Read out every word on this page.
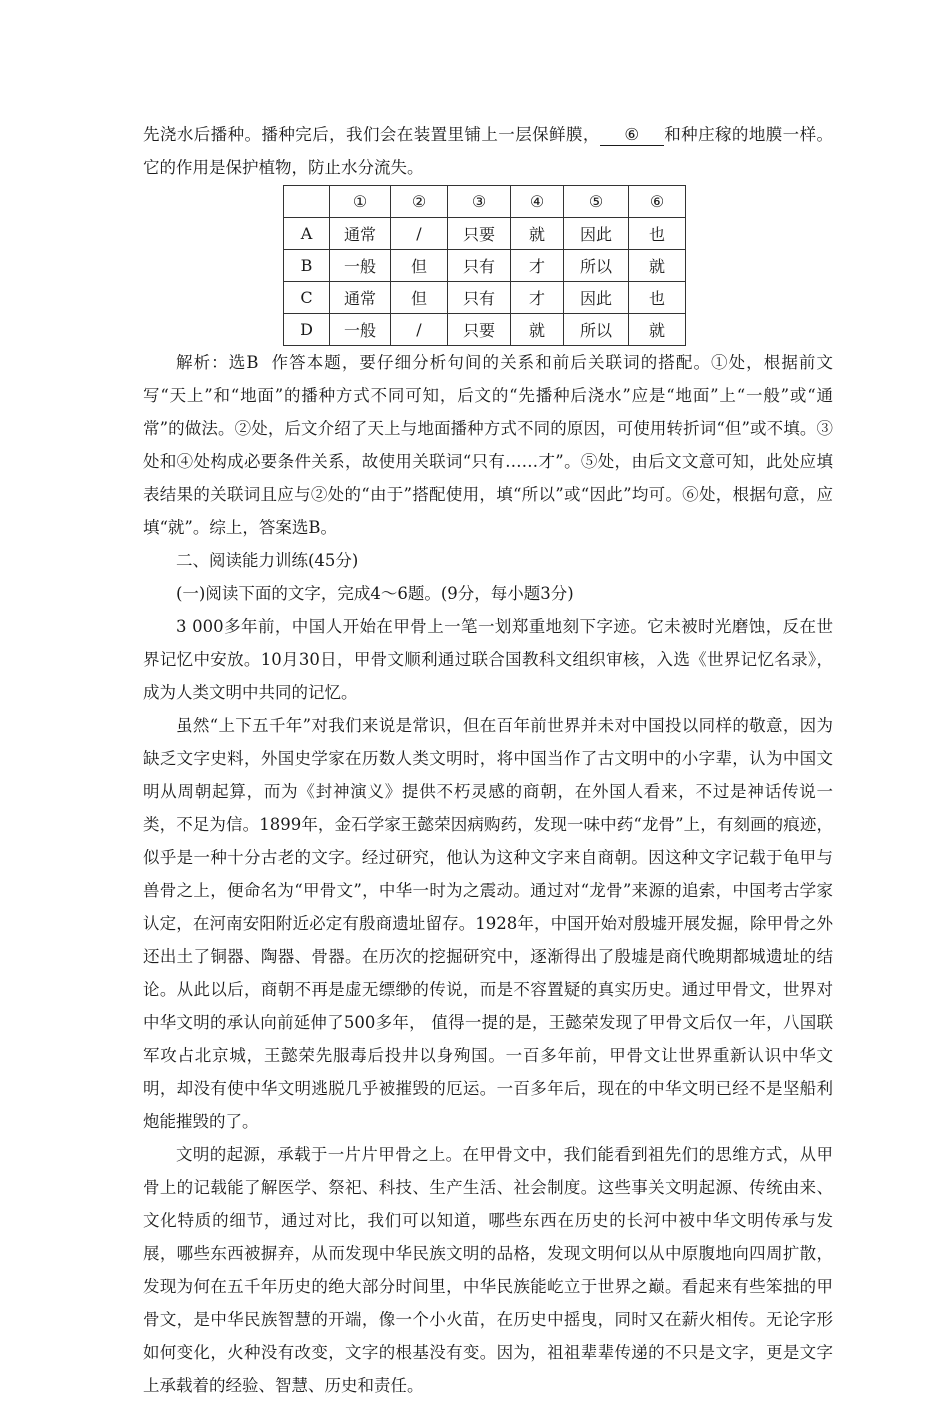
先浇水后播种。播种完后，我们会在装置里铺上一层保鲜膜， ⑥ 和种庄稼的地膜一样。它的作用是保护植物，防止水分流失。

	①	②	③	④	⑤	⑥
A	通常	/	只要	就	因此	也
B	一般	但	只有	才	所以	就
C	通常	但	只有	才	因此	也
D	一般	/	只要	就	所以	就

解析：选B 作答本题，要仔细分析句间的关系和前后关联词的搭配。①处，根据前文写“天上”和“地面”的播种方式不同可知，后文的“先播种后浇水”应是“地面”上“一般”或“通常”的做法。②处，后文介绍了天上与地面播种方式不同的原因，可使用转折词“但”或不填。③处和④处构成必要条件关系，故使用关联词“只有……才”。⑤处，由后文文意可知，此处应填表结果的关联词且应与②处的“由于”搭配使用，填“所以”或“因此”均可。⑥处，根据句意，应填“就”。综上，答案选B。

二、阅读能力训练(45分)

(一)阅读下面的文字，完成4～6题。(9分，每小题3分)

3 000多年前，中国人开始在甲骨上一笔一划郑重地刻下字迹。它未被时光磨蚀，反在世界记忆中安放。10月30日，甲骨文顺利通过联合国教科文组织审核，入选《世界记忆名录》，成为人类文明中共同的记忆。

虽然“上下五千年”对我们来说是常识，但在百年前世界并未对中国投以同样的敬意，因为缺乏文字史料，外国史学家在历数人类文明时，将中国当作了古文明中的小字辈，认为中国文明从周朝起算，而为《封神演义》提供不朽灵感的商朝，在外国人看来，不过是神话传说一类，不足为信。1899年，金石学家王懿荣因病购药，发现一味中药“龙骨”上，有刻画的痕迹，似乎是一种十分古老的文字。经过研究，他认为这种文字来自商朝。因这种文字记载于龟甲与兽骨之上，便命名为“甲骨文”，中华一时为之震动。通过对“龙骨”来源的追索，中国考古学家认定，在河南安阳附近必定有殷商遗址留存。1928年，中国开始对殷墟开展发掘，除甲骨之外还出土了铜器、陶器、骨器。在历次的挖掘研究中，逐渐得出了殷墟是商代晚期都城遗址的结论。从此以后，商朝不再是虚无缥缈的传说，而是不容置疑的真实历史。通过甲骨文，世界对中华文明的承认向前延伸了500多年， 值得一提的是，王懿荣发现了甲骨文后仅一年，八国联军攻占北京城，王懿荣先服毒后投井以身殉国。一百多年前，甲骨文让世界重新认识中华文明，却没有使中华文明逃脱几乎被摧毁的厄运。一百多年后，现在的中华文明已经不是坚船利炮能摧毁的了。

文明的起源，承载于一片片甲骨之上。在甲骨文中，我们能看到祖先们的思维方式，从甲骨上的记载能了解医学、祭祀、科技、生产生活、社会制度。这些事关文明起源、传统由来、文化特质的细节，通过对比，我们可以知道，哪些东西在历史的长河中被中华文明传承与发展，哪些东西被摒弃，从而发现中华民族文明的品格，发现文明何以从中原腹地向四周扩散，发现为何在五千年历史的绝大部分时间里，中华民族能屹立于世界之巅。看起来有些笨拙的甲骨文，是中华民族智慧的开端，像一个小火苗，在历史中摇曳，同时又在薪火相传。无论字形如何变化，火种没有改变，文字的根基没有变。因为，祖祖辈辈传递的不只是文字，更是文字上承载着的经验、智慧、历史和责任。
